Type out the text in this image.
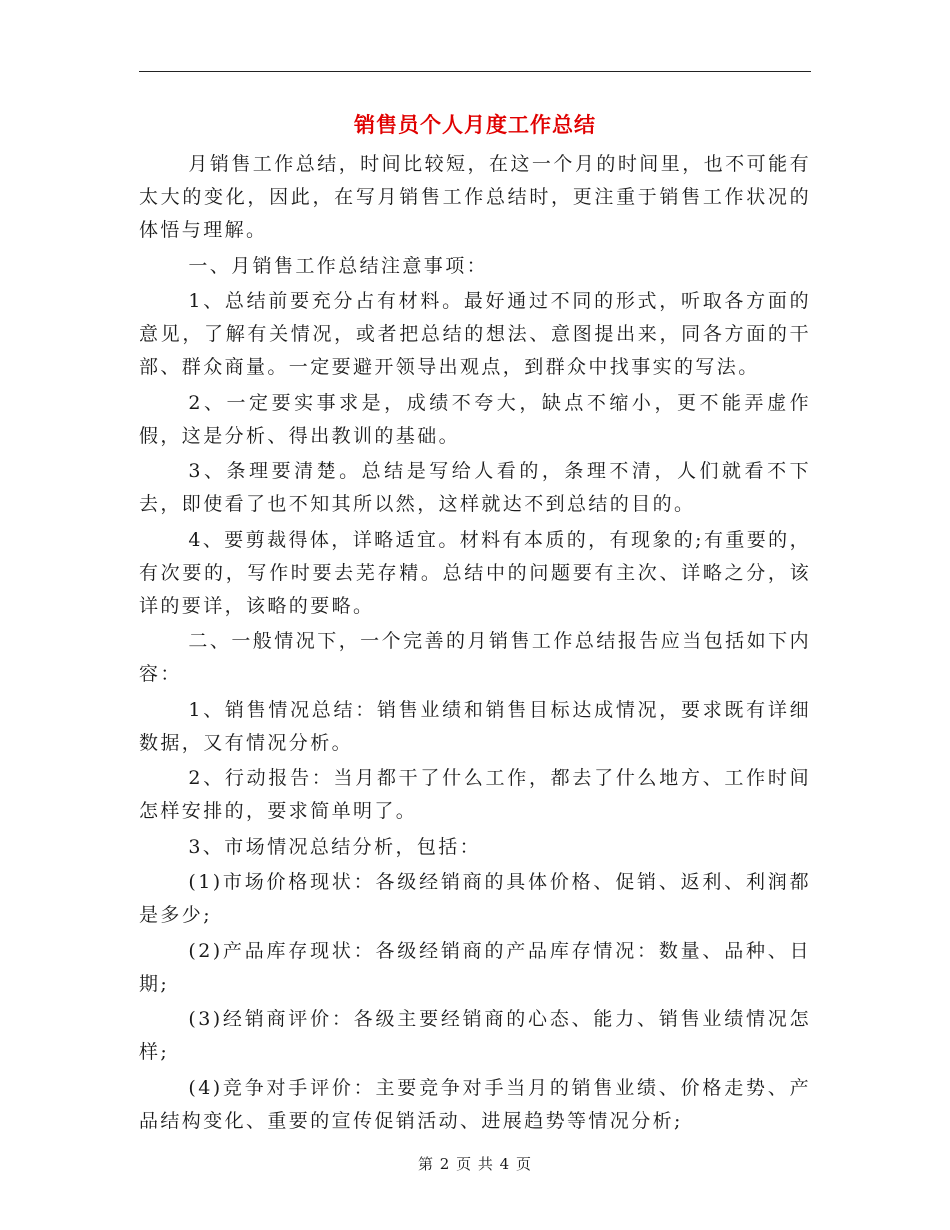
销售员个人月度工作总结

月销售工作总结，时间比较短，在这一个月的时间里，也不可能有太大的变化，因此，在写月销售工作总结时，更注重于销售工作状况的体悟与理解。

一、月销售工作总结注意事项：

1、总结前要充分占有材料。最好通过不同的形式，听取各方面的意见，了解有关情况，或者把总结的想法、意图提出来，同各方面的干部、群众商量。一定要避开领导出观点，到群众中找事实的写法。

2、一定要实事求是，成绩不夸大，缺点不缩小，更不能弄虚作假，这是分析、得出教训的基础。

3、条理要清楚。总结是写给人看的，条理不清，人们就看不下去，即使看了也不知其所以然，这样就达不到总结的目的。

4、要剪裁得体，详略适宜。材料有本质的，有现象的;有重要的，有次要的，写作时要去芜存精。总结中的问题要有主次、详略之分，该详的要详，该略的要略。

二、一般情况下，一个完善的月销售工作总结报告应当包括如下内容：

1、销售情况总结：销售业绩和销售目标达成情况，要求既有详细数据，又有情况分析。

2、行动报告：当月都干了什么工作，都去了什么地方、工作时间怎样安排的，要求简单明了。

3、市场情况总结分析，包括：

(1)市场价格现状：各级经销商的具体价格、促销、返利、利润都是多少;

(2)产品库存现状：各级经销商的产品库存情况：数量、品种、日期;

(3)经销商评价：各级主要经销商的心态、能力、销售业绩情况怎样;

(4)竞争对手评价：主要竞争对手当月的销售业绩、价格走势、产品结构变化、重要的宣传促销活动、进展趋势等情况分析;

第 2 页 共 4 页
